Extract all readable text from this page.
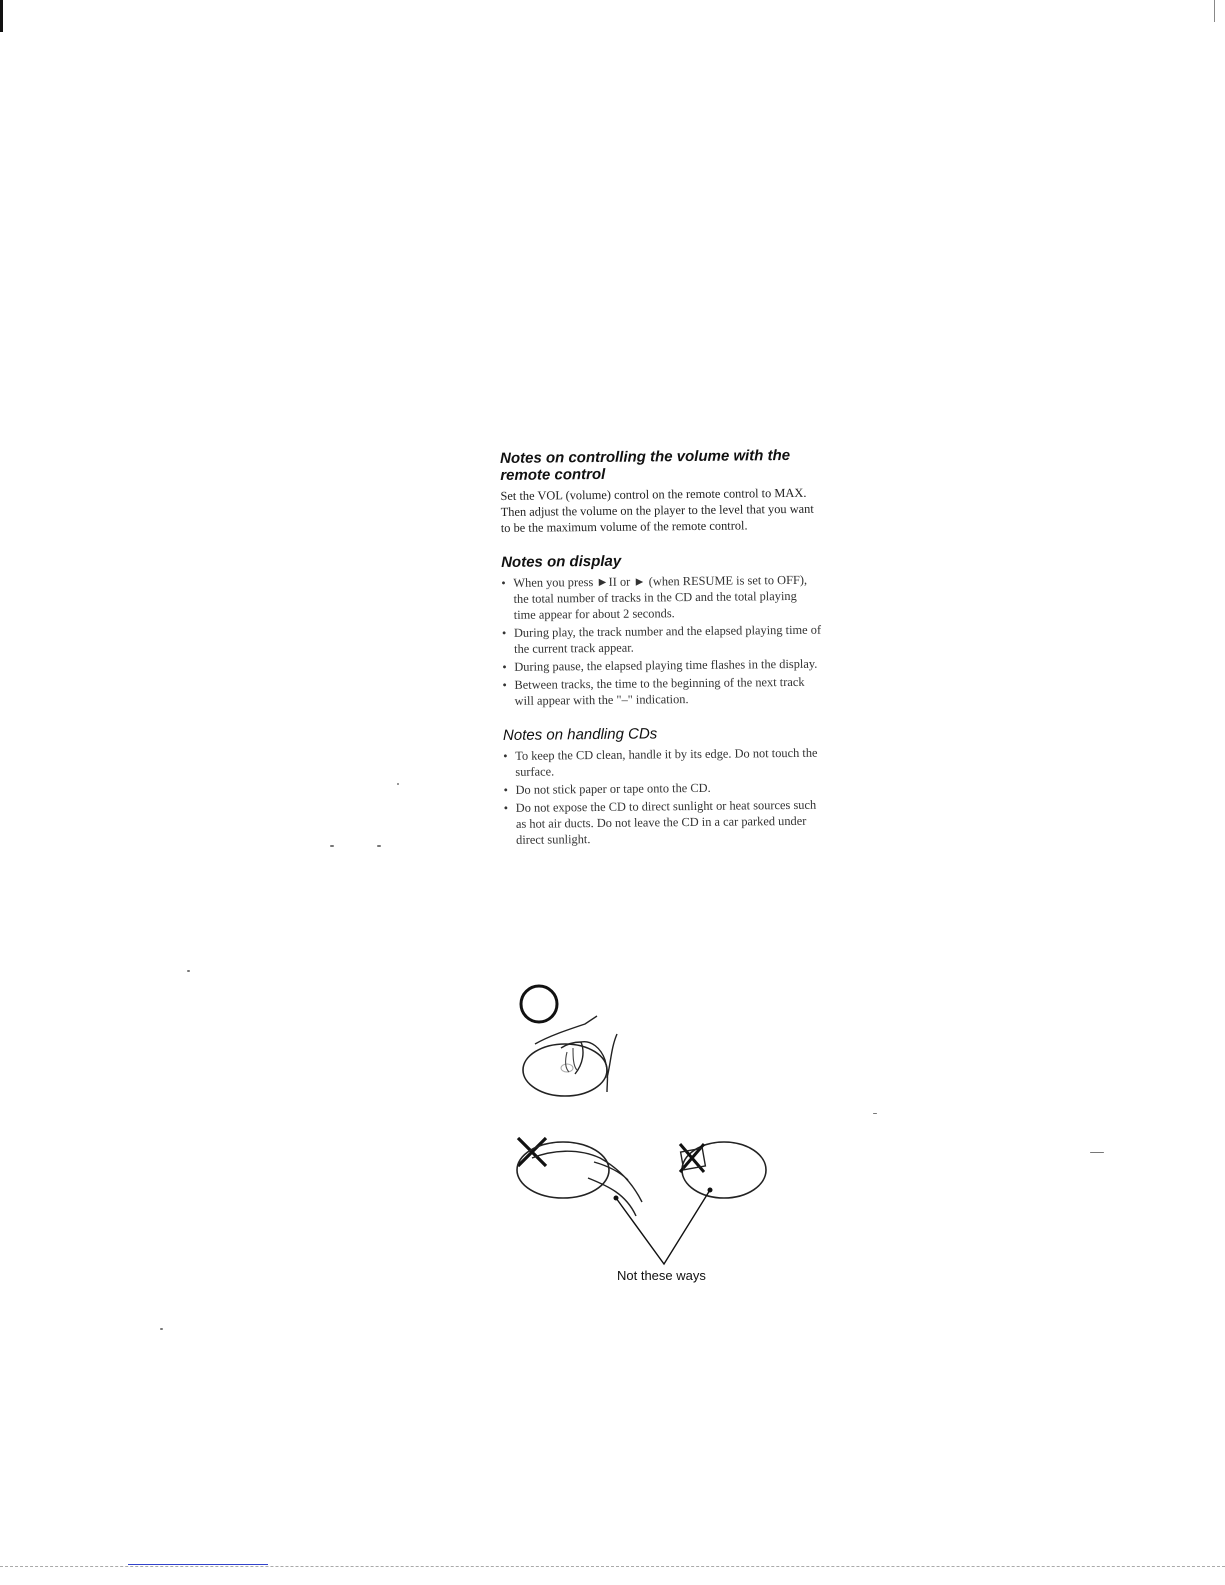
Notes on controlling the volume with the remote control

Set the VOL (volume) control on the remote control to MAX. Then adjust the volume on the player to the level that you want to be the maximum volume of the remote control.

Notes on display
• When you press ►II or ► (when RESUME is set to OFF), the total number of tracks in the CD and the total playing time appear for about 2 seconds.
• During play, the track number and the elapsed playing time of the current track appear.
• During pause, the elapsed playing time flashes in the display.
• Between tracks, the time to the beginning of the next track will appear with the "–" indication.
Notes on handling CDs
• To keep the CD clean, handle it by its edge. Do not touch the surface.
• Do not stick paper or tape onto the CD.
• Do not expose the CD to direct sunlight or heat sources such as hot air ducts. Do not leave the CD in a car parked under direct sunlight.
Not these ways
